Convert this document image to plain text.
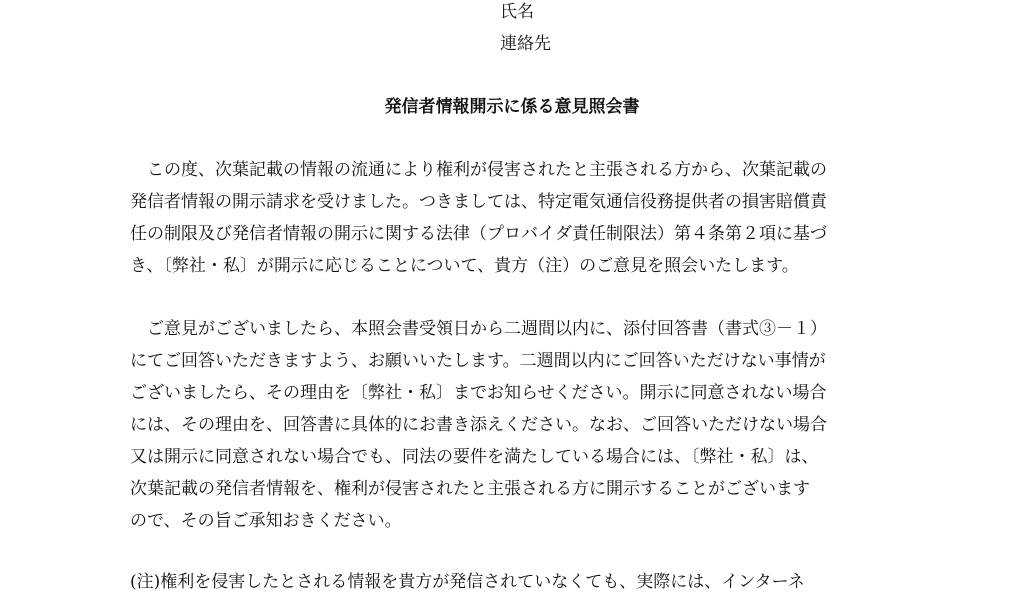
氏名
連絡先
発信者情報開示に係る意見照会書
　この度、次葉記載の情報の流通により権利が侵害されたと主張される方から、次葉記載の
発信者情報の開示請求を受けました。つきましては、特定電気通信役務提供者の損害賠償責
任の制限及び発信者情報の開示に関する法律（プロバイダ責任制限法）第４条第２項に基づ
き、〔弊社・私〕が開示に応じることについて、貴方（注）のご意見を照会いたします。
　ご意見がございましたら、本照会書受領日から二週間以内に、添付回答書（書式③－１）
にてご回答いただきますよう、お願いいたします。二週間以内にご回答いただけない事情が
ございましたら、その理由を〔弊社・私〕までお知らせください。開示に同意されない場合
には、その理由を、回答書に具体的にお書き添えください。なお、ご回答いただけない場合
又は開示に同意されない場合でも、同法の要件を満たしている場合には、〔弊社・私〕は、
次葉記載の発信者情報を、権利が侵害されたと主張される方に開示することがございます
ので、その旨ご承知おきください。
(注)権利を侵害したとされる情報を貴方が発信されていなくても、実際には、インターネ
